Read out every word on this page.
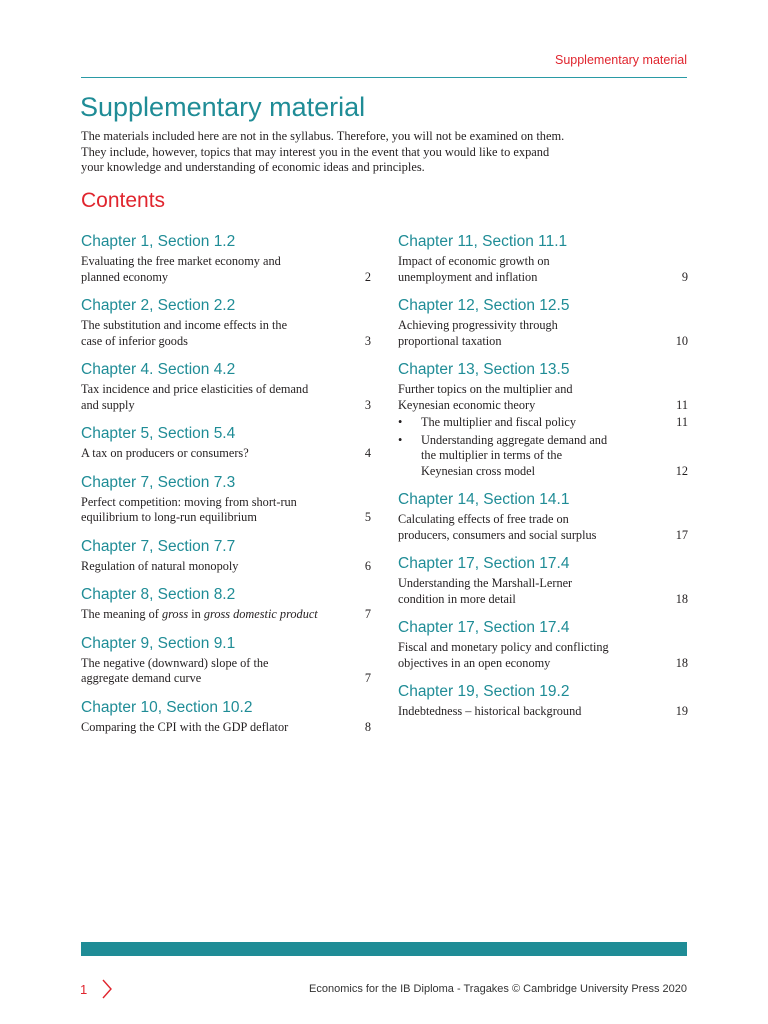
Supplementary material
Supplementary material
The materials included here are not in the syllabus. Therefore, you will not be examined on them.
They include, however, topics that may interest you in the event that you would like to expand
your knowledge and understanding of economic ideas and principles.
Contents
Chapter 1, Section 1.2
Evaluating the free market economy and
planned economy	2
Chapter 2, Section 2.2
The substitution and income effects in the
case of inferior goods	3
Chapter 4. Section 4.2
Tax incidence and price elasticities of demand
and supply	3
Chapter 5, Section 5.4
A tax on producers or consumers?	4
Chapter 7, Section 7.3
Perfect competition: moving from short-run
equilibrium to long-run equilibrium	5
Chapter 7, Section 7.7
Regulation of natural monopoly	6
Chapter 8, Section 8.2
The meaning of gross in gross domestic product	7
Chapter 9, Section 9.1
The negative (downward) slope of the
aggregate demand curve	7
Chapter 10, Section 10.2
Comparing the CPI with the GDP deflator	8
Chapter 11, Section 11.1
Impact of economic growth on
unemployment and inflation	9
Chapter 12, Section 12.5
Achieving progressivity through
proportional taxation	10
Chapter 13, Section 13.5
Further topics on the multiplier and
Keynesian economic theory	11
• The multiplier and fiscal policy	11
• Understanding aggregate demand and
the multiplier in terms of the
Keynesian cross model	12
Chapter 14, Section 14.1
Calculating effects of free trade on
producers, consumers and social surplus	17
Chapter 17, Section 17.4
Understanding the Marshall-Lerner
condition in more detail	18
Chapter 17, Section 17.4
Fiscal and monetary policy and conflicting
objectives in an open economy	18
Chapter 19, Section 19.2
Indebtedness – historical background	19
1	Economics for the IB Diploma - Tragakes © Cambridge University Press 2020
